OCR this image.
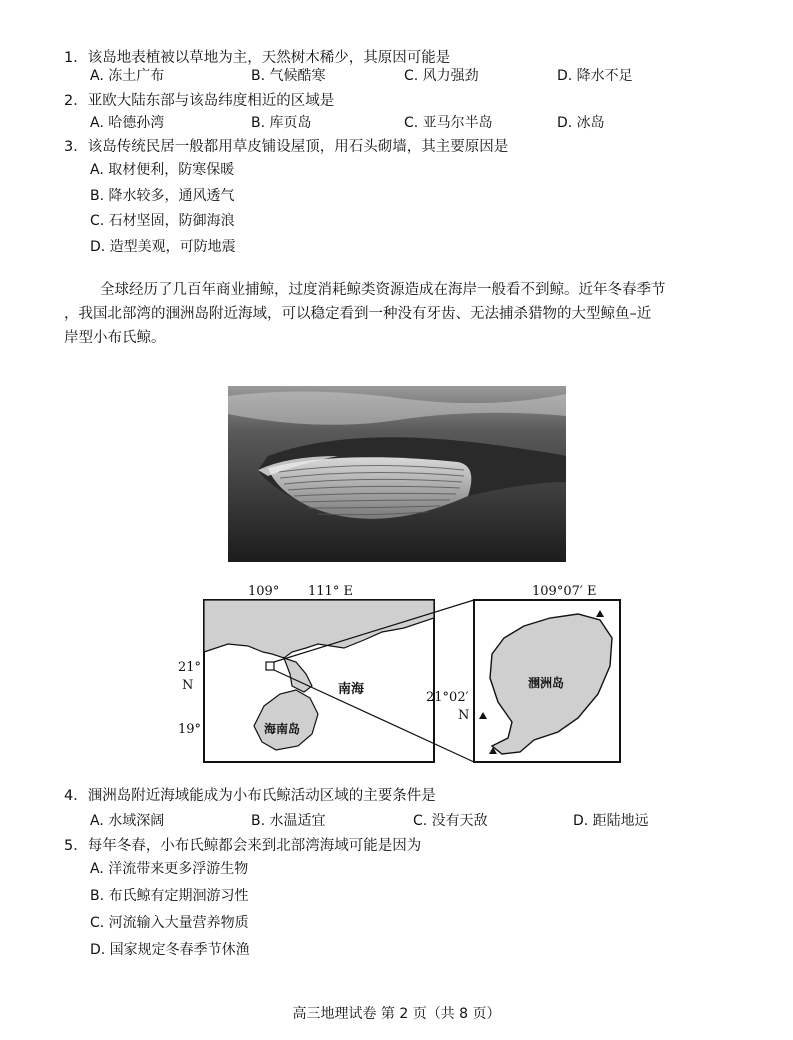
1．该岛地表植被以草地为主，天然树木稀少，其原因可能是
A. 冻土广布	B. 气候酷寒	C. 风力强劲	D. 降水不足
2．亚欧大陆东部与该岛纬度相近的区域是
A. 哈德孙湾	B. 库页岛	C. 亚马尔半岛	D. 冰岛
3．该岛传统民居一般都用草皮铺设屋顶，用石头砌墙，其主要原因是
A. 取材便利，防寒保暖
B. 降水较多，通风透气
C. 石材坚固，防御海浪
D. 造型美观，可防地震
全球经历了几百年商业捕鲸，过度消耗鲸类资源造成在海岸一般看不到鲸。近年冬春季节
，我国北部湾的涠洲岛附近海域，可以稳定看到一种没有牙齿、无法捕杀猎物的大型鲸鱼–近
岸型小布氏鲸。
109° 111° E
21°
N
19°
南海
海南岛
109°07′ E
21°02′
N
涠洲岛
4．涠洲岛附近海域能成为小布氏鲸活动区域的主要条件是
A. 水域深阔	B. 水温适宜	C. 没有天敌	D. 距陆地远
5．每年冬春，小布氏鲸都会来到北部湾海域可能是因为
A. 洋流带来更多浮游生物
B. 布氏鲸有定期洄游习性
C. 河流输入大量营养物质
D. 国家规定冬春季节休渔
高三地理试卷 第 2 页（共 8 页）
